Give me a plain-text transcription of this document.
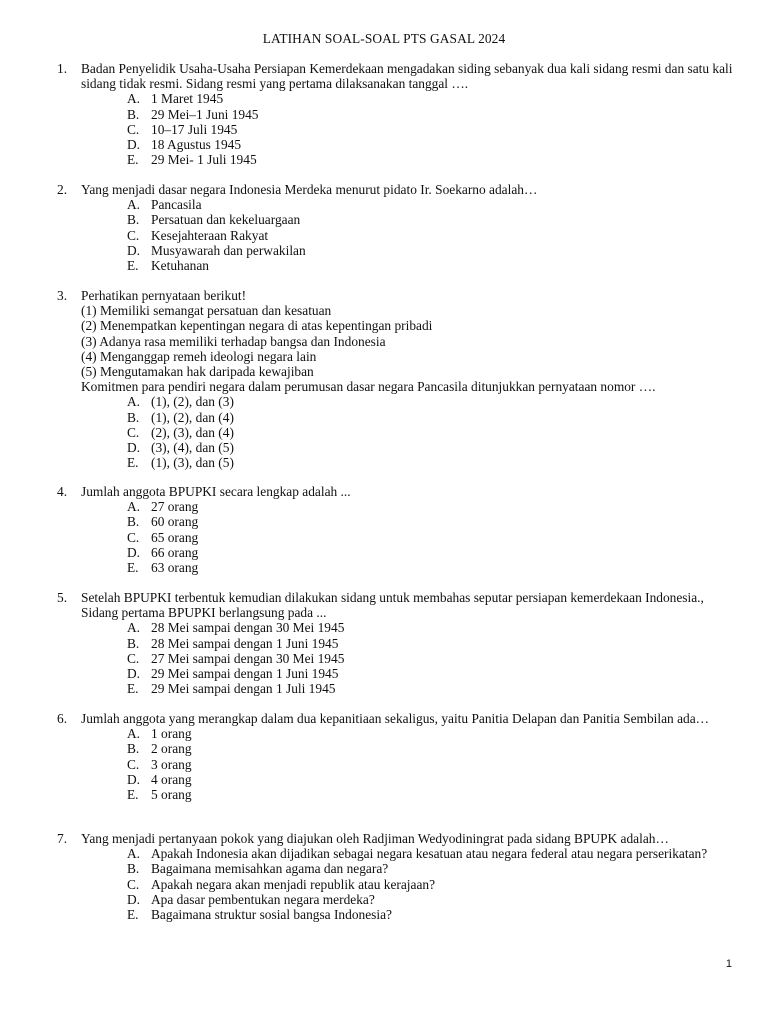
LATIHAN SOAL-SOAL PTS GASAL 2024
1.	Badan Penyelidik Usaha-Usaha Persiapan Kemerdekaan mengadakan siding sebanyak dua kali sidang resmi dan satu kali sidang tidak resmi. Sidang resmi yang pertama dilaksanakan tanggal ….

A. 1 Maret 1945
B. 29 Mei–1 Juni 1945
C. 10–17 Juli 1945
D. 18 Agustus 1945
E. 29 Mei- 1 Juli 1945
2.	Yang menjadi dasar negara Indonesia Merdeka menurut pidato Ir. Soekarno adalah…

A. Pancasila
B. Persatuan dan kekeluargaan
C. Kesejahteraan Rakyat
D. Musyawarah dan perwakilan
E. Ketuhanan
3.	Perhatikan pernyataan berikut!

(1) Memiliki semangat persatuan dan kesatuan

(2) Menempatkan kepentingan negara di atas kepentingan pribadi

(3) Adanya rasa memiliki terhadap bangsa dan Indonesia

(4) Menganggap remeh ideologi negara lain

(5) Mengutamakan hak daripada kewajiban

Komitmen para pendiri negara dalam perumusan dasar negara Pancasila ditunjukkan pernyataan nomor ….

A. (1), (2), dan (3)
B. (1), (2), dan (4)
C. (2), (3), dan (4)
D. (3), (4), dan (5)
E. (1), (3), dan (5)
4.	Jumlah anggota BPUPKI secara lengkap adalah ...

A. 27 orang
B. 60 orang
C. 65 orang
D. 66 orang
E. 63 orang
5.	Setelah BPUPKI terbentuk kemudian dilakukan sidang untuk membahas seputar persiapan kemerdekaan Indonesia., Sidang pertama BPUPKI berlangsung pada ...

A. 28 Mei sampai dengan 30 Mei 1945
B. 28 Mei sampai dengan 1 Juni 1945
C. 27 Mei sampai dengan 30 Mei 1945
D. 29 Mei sampai dengan 1 Juni 1945
E. 29 Mei sampai dengan 1 Juli 1945
6.	Jumlah anggota yang merangkap dalam dua kepanitiaan sekaligus, yaitu Panitia Delapan dan Panitia Sembilan ada…

A. 1 orang
B. 2 orang
C. 3 orang
D. 4 orang
E. 5 orang
7.	Yang menjadi pertanyaan pokok yang diajukan oleh Radjiman Wedyodiningrat pada sidang BPUPK adalah…

A. Apakah Indonesia akan dijadikan sebagai negara kesatuan atau negara federal atau negara perserikatan?
B. Bagaimana memisahkan agama dan negara?
C. Apakah negara akan menjadi republik atau kerajaan?
D. Apa dasar pembentukan negara merdeka?
E. Bagaimana struktur sosial bangsa Indonesia?
1
